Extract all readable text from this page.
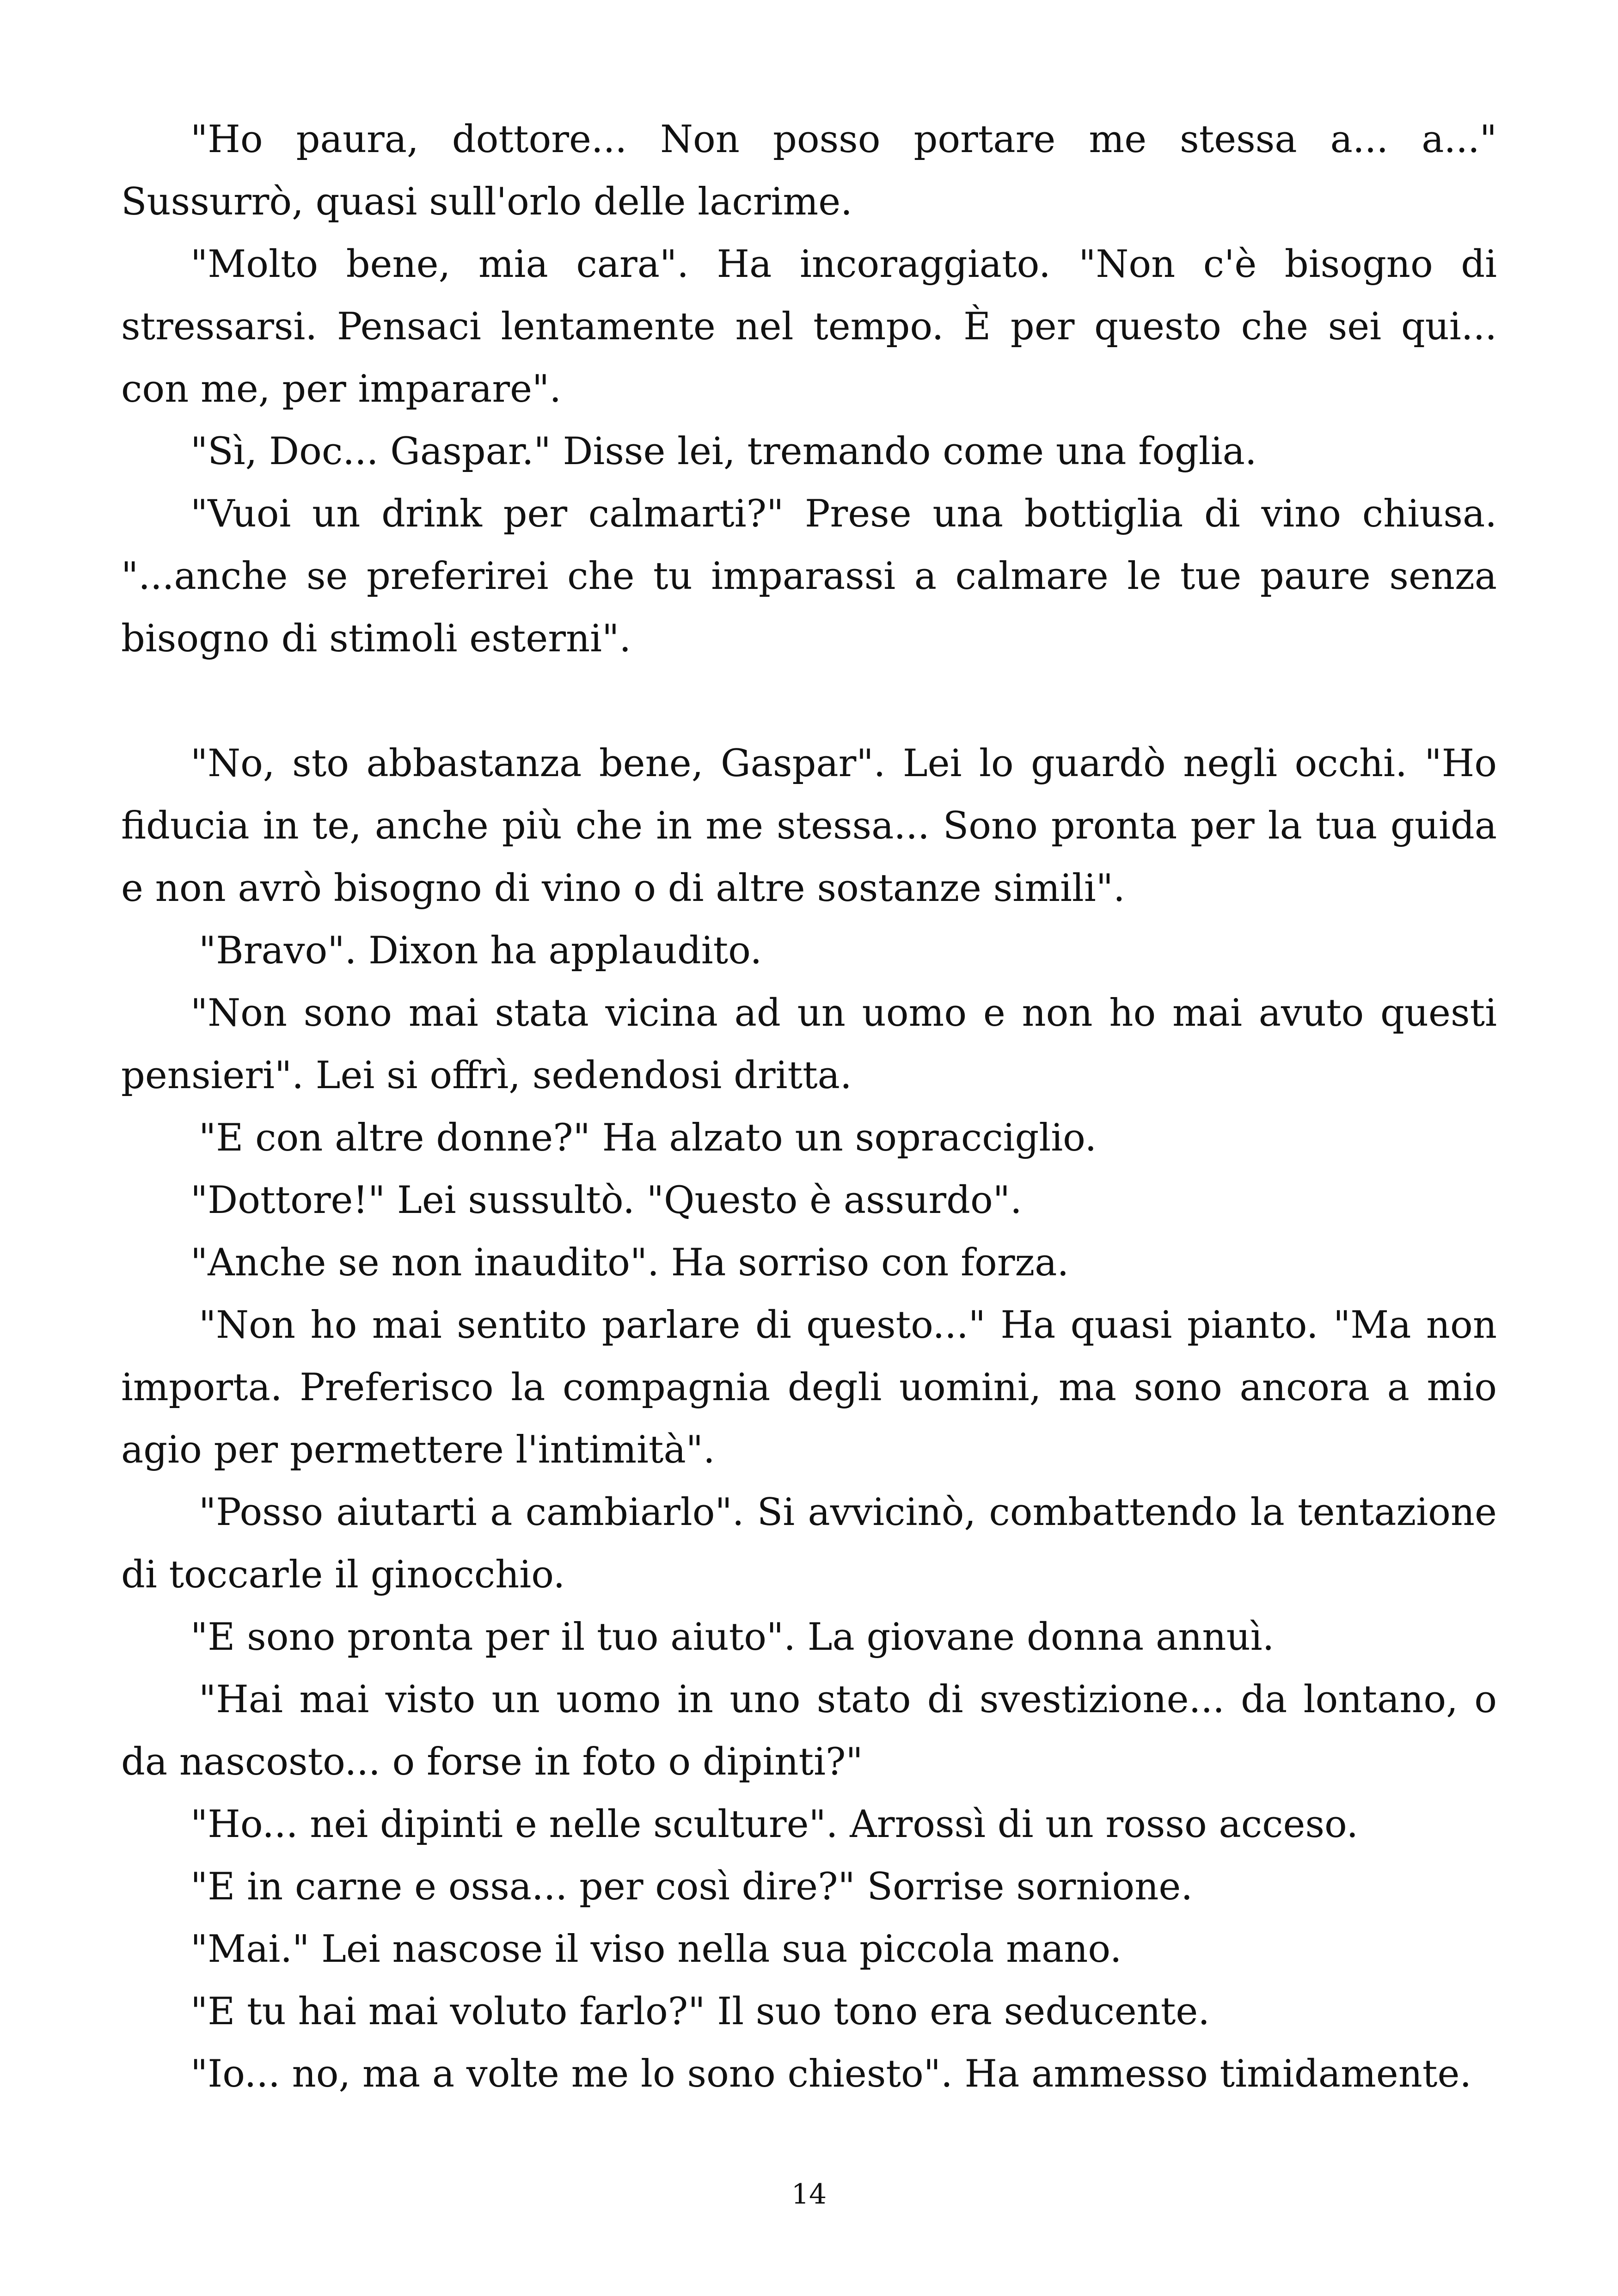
"Ho paura, dottore... Non posso portare me stessa a... a..." Sussurrò, quasi sull'orlo delle lacrime.

"Molto bene, mia cara". Ha incoraggiato. "Non c'è bisogno di stressarsi. Pensaci lentamente nel tempo. È per questo che sei qui... con me, per imparare".

"Sì, Doc... Gaspar." Disse lei, tremando come una foglia.

"Vuoi un drink per calmarti?" Prese una bottiglia di vino chiusa. "...anche se preferirei che tu imparassi a calmare le tue paure senza bisogno di stimoli esterni".

"No, sto abbastanza bene, Gaspar". Lei lo guardò negli occhi. "Ho fiducia in te, anche più che in me stessa... Sono pronta per la tua guida e non avrò bisogno di vino o di altre sostanze simili".

"Bravo". Dixon ha applaudito.

"Non sono mai stata vicina ad un uomo e non ho mai avuto questi pensieri". Lei si offrì, sedendosi dritta.

"E con altre donne?" Ha alzato un sopracciglio.

"Dottore!" Lei sussultò. "Questo è assurdo".

"Anche se non inaudito". Ha sorriso con forza.

"Non ho mai sentito parlare di questo..." Ha quasi pianto. "Ma non importa. Preferisco la compagnia degli uomini, ma sono ancora a mio agio per permettere l'intimità".

"Posso aiutarti a cambiarlo". Si avvicinò, combattendo la tentazione di toccarle il ginocchio.

"E sono pronta per il tuo aiuto". La giovane donna annuì.

"Hai mai visto un uomo in uno stato di svestizione... da lontano, o da nascosto... o forse in foto o dipinti?"

"Ho... nei dipinti e nelle sculture". Arrossì di un rosso acceso.

"E in carne e ossa... per così dire?" Sorrise sornione.

"Mai." Lei nascose il viso nella sua piccola mano.

"E tu hai mai voluto farlo?" Il suo tono era seducente.

"Io... no, ma a volte me lo sono chiesto". Ha ammesso timidamente.

14
